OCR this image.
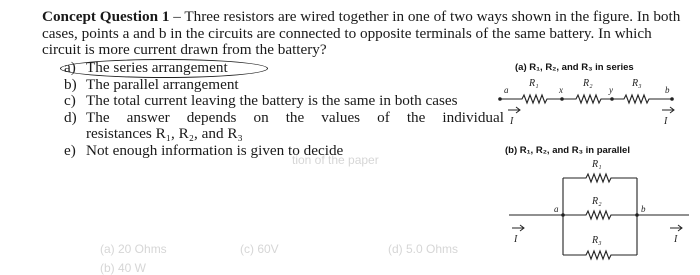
tion of the paper
(c) 60V
(a) 20 Ohms	(d) 5.0 Ohms
(b) 40 W
Concept Question 1 – Three resistors are wired together in one of two ways shown in the figure. In both cases, points a and b in the circuits are connected to opposite terminals of the same battery. In which circuit is more current drawn from the battery?
a) The series arrangement
b) The parallel arrangement
c) The total current leaving the battery is the same in both cases
d) The answer depends on the values of the individual
resistances R₁, R₂, and R₃
e) Not enough information is given to decide
(a) R₁, R₂, and R₃ in series
R₁	R₂	R₃
a	x	y	b
I	I
R₁
R₂
R₃
a	b
I	I
(b) R₁, R₂, and R₃ in parallel
